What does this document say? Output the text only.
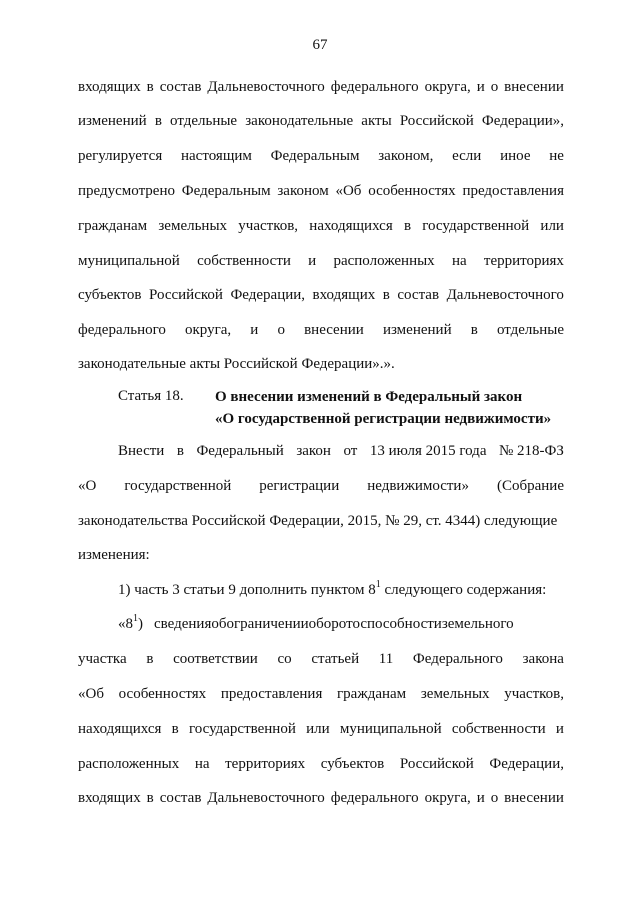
67
входящих в состав Дальневосточного федерального округа, и о внесении
изменений в отдельные законодательные акты Российской Федерации»,
регулируется настоящим Федеральным законом, если иное не
предусмотрено Федеральным законом «Об особенностях предоставления
гражданам земельных участков, находящихся в государственной или
муниципальной собственности и расположенных на территориях
субъектов Российской Федерации, входящих в состав Дальневосточного
федерального округа, и о внесении изменений в отдельные
законодательные акты Российской Федерации».».
Статья 18. О внесении изменений в Федеральный закон
«О государственной регистрации недвижимости»
Внести в Федеральный закон от 13 июля 2015 года № 218-ФЗ
«О государственной регистрации недвижимости» (Собрание
законодательства Российской Федерации, 2015, № 29, ст. 4344) следующие
изменения:
1) часть 3 статьи 9 дополнить пунктом $8^1$ следующего содержания:
«$8^1$) сведенияобограниченииоборотоспособностиземельного
участка в соответствии со статьей 11 Федерального закона
«Об особенностях предоставления гражданам земельных участков,
находящихся в государственной или муниципальной собственности и
расположенных на территориях субъектов Российской Федерации,
входящих в состав Дальневосточного федерального округа, и о внесении
